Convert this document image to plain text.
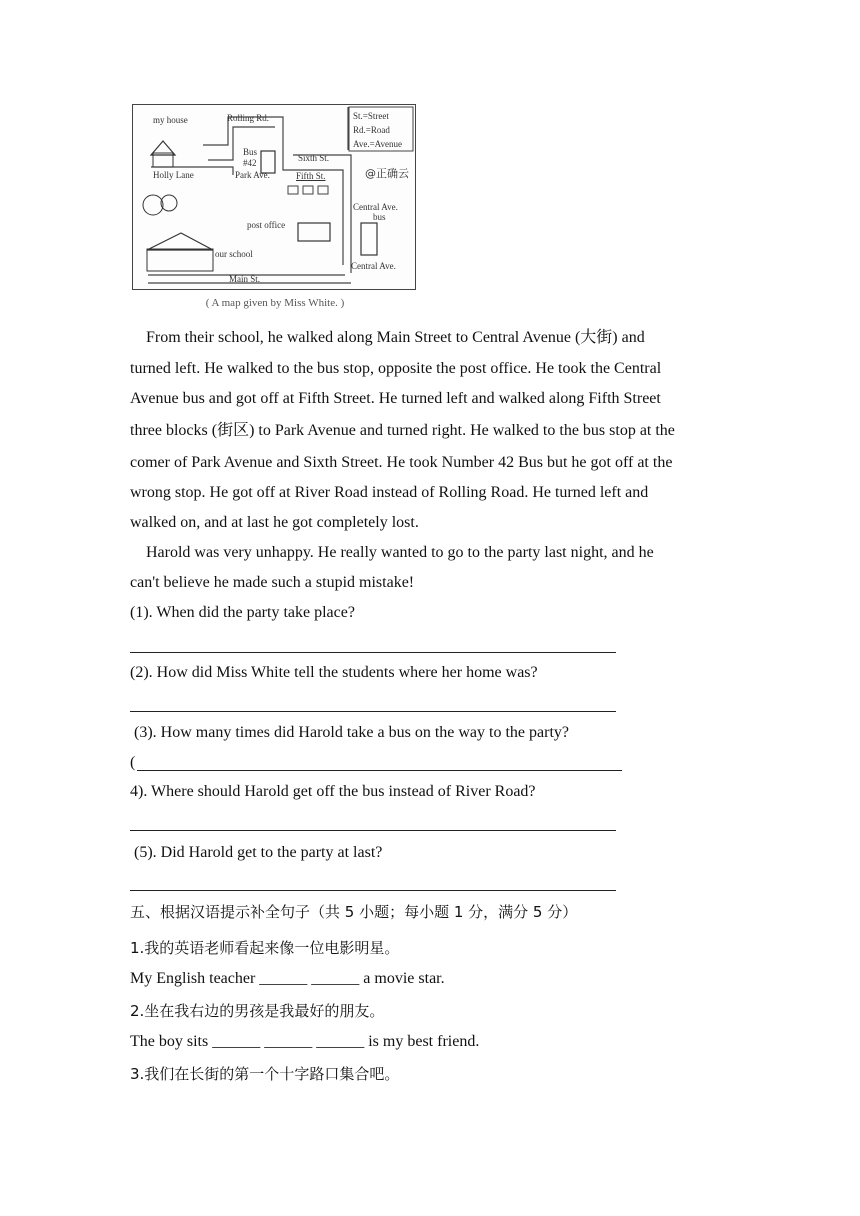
my house	Rolling Rd.	St.=Street
Rd.=Road
Ave.=Avenue
Bus
#42
Park Ave.
Sixth St.
Fifth St.
Holly Lane	@正确云
Central Ave.
bus
post office
our school
Central Ave.
Main St.
( A map given by Miss White. )
From their school, he walked along Main Street to Central Avenue (大街) and
turned left. He walked to the bus stop, opposite the post office. He took the Central
Avenue bus and got off at Fifth Street. He turned left and walked along Fifth Street
three blocks (街区) to Park Avenue and turned right. He walked to the bus stop at the
comer of Park Avenue and Sixth Street. He took Number 42 Bus but he got off at the
wrong stop. He got off at River Road instead of Rolling Road. He turned left and
walked on, and at last he got completely lost.
Harold was very unhappy. He really wanted to go to the party last night, and he
can't believe he made such a stupid mistake!
(1). When did the party take place?
(2). How did Miss White tell the students where her home was?
(3). How many times did Harold take a bus on the way to the party?
(
4). Where should Harold get off the bus instead of River Road?
(5). Did Harold get to the party at last?
五、根据汉语提示补全句子（共 5 小题；每小题 1 分，满分 5 分）
1.我的英语老师看起来像一位电影明星。
My English teacher ______ ______ a movie star.
2.坐在我右边的男孩是我最好的朋友。
The boy sits ______ ______ ______ is my best friend.
3.我们在长街的第一个十字路口集合吧。
